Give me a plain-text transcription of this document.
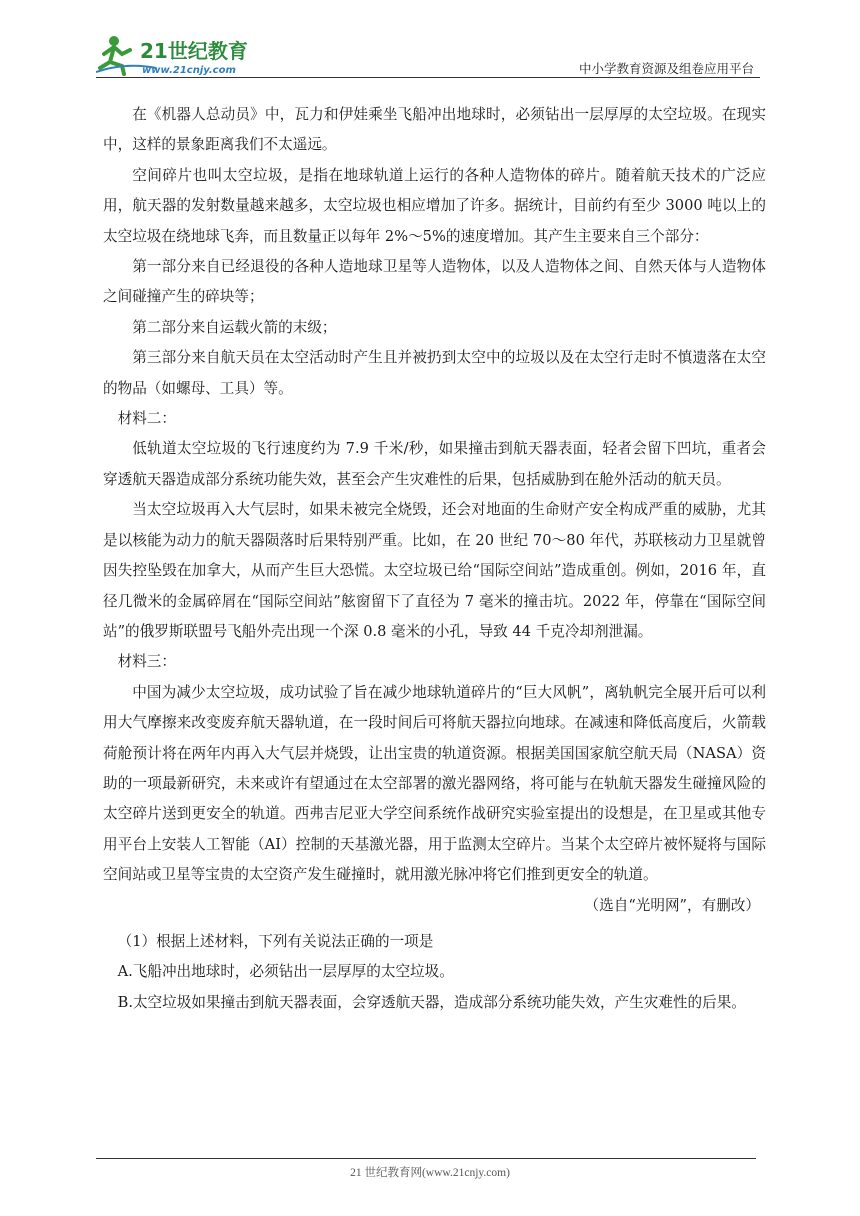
21世纪教育
www.21cnjy.com	中小学教育资源及组卷应用平台

在《机器人总动员》中，瓦力和伊娃乘坐飞船冲出地球时，必须钻出一层厚厚的太空垃圾。在现实中，这样的景象距离我们不太遥远。

空间碎片也叫太空垃圾，是指在地球轨道上运行的各种人造物体的碎片。随着航天技术的广泛应用，航天器的发射数量越来越多，太空垃圾也相应增加了许多。据统计，目前约有至少 3000 吨以上的太空垃圾在绕地球飞奔，而且数量正以每年 2%～5%的速度增加。其产生主要来自三个部分：

第一部分来自已经退役的各种人造地球卫星等人造物体，以及人造物体之间、自然天体与人造物体之间碰撞产生的碎块等；

第二部分来自运载火箭的末级；

第三部分来自航天员在太空活动时产生且并被扔到太空中的垃圾以及在太空行走时不慎遗落在太空的物品（如螺母、工具）等。

材料二：

低轨道太空垃圾的飞行速度约为 7.9 千米/秒，如果撞击到航天器表面，轻者会留下凹坑，重者会穿透航天器造成部分系统功能失效，甚至会产生灾难性的后果，包括威胁到在舱外活动的航天员。

当太空垃圾再入大气层时，如果未被完全烧毁，还会对地面的生命财产安全构成严重的威胁，尤其是以核能为动力的航天器陨落时后果特别严重。比如，在 20 世纪 70～80 年代，苏联核动力卫星就曾因失控坠毁在加拿大，从而产生巨大恐慌。太空垃圾已给“国际空间站”造成重创。例如，2016 年，直径几微米的金属碎屑在“国际空间站”舷窗留下了直径为 7 毫米的撞击坑。2022 年，停靠在“国际空间站”的俄罗斯联盟号飞船外壳出现一个深 0.8 毫米的小孔，导致 44 千克冷却剂泄漏。

材料三：

中国为减少太空垃圾，成功试验了旨在减少地球轨道碎片的“巨大风帆”，离轨帆完全展开后可以利用大气摩擦来改变废弃航天器轨道，在一段时间后可将航天器拉向地球。在减速和降低高度后，火箭载荷舱预计将在两年内再入大气层并烧毁，让出宝贵的轨道资源。根据美国国家航空航天局（NASA）资助的一项最新研究，未来或许有望通过在太空部署的激光器网络，将可能与在轨航天器发生碰撞风险的太空碎片送到更安全的轨道。西弗吉尼亚大学空间系统作战研究实验室提出的设想是，在卫星或其他专用平台上安装人工智能（AI）控制的天基激光器，用于监测太空碎片。当某个太空碎片被怀疑将与国际空间站或卫星等宝贵的太空资产发生碰撞时，就用激光脉冲将它们推到更安全的轨道。

（选自“光明网”，有删改）

（1）根据上述材料，下列有关说法正确的一项是

A.飞船冲出地球时，必须钻出一层厚厚的太空垃圾。

B.太空垃圾如果撞击到航天器表面，会穿透航天器，造成部分系统功能失效，产生灾难性的后果。

21 世纪教育网(www.21cnjy.com)
